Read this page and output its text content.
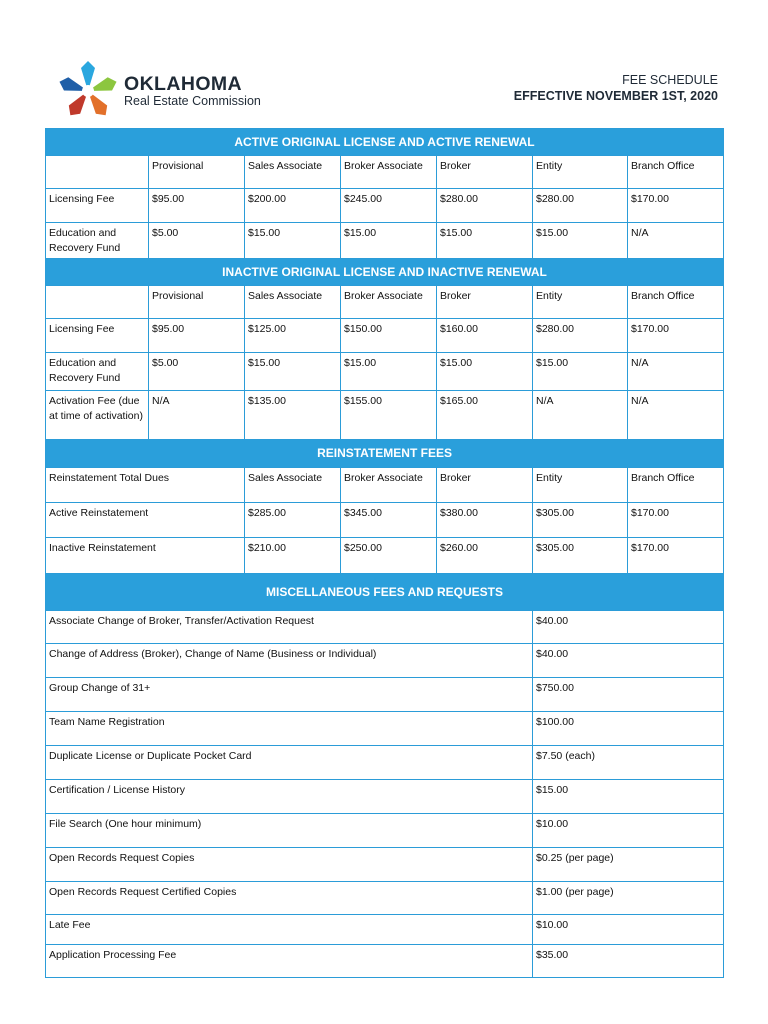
OKLAHOMA
Real Estate Commission
FEE SCHEDULE
EFFECTIVE NOVEMBER 1ST, 2020
ACTIVE ORIGINAL LICENSE AND ACTIVE RENEWAL						
	Provisional	Sales Associate	Broker Associate	Broker	Entity	Branch Office
Licensing Fee	$95.00	$200.00	$245.00	$280.00	$280.00	$170.00
Education and Recovery Fund	$5.00	$15.00	$15.00	$15.00	$15.00	N/A
INACTIVE ORIGINAL LICENSE AND INACTIVE RENEWAL						
	Provisional	Sales Associate	Broker Associate	Broker	Entity	Branch Office
Licensing Fee	$95.00	$125.00	$150.00	$160.00	$280.00	$170.00
Education and Recovery Fund	$5.00	$15.00	$15.00	$15.00	$15.00	N/A
Activation Fee (due at time of activation)	N/A	$135.00	$155.00	$165.00	N/A	N/A
REINSTATEMENT FEES						
Reinstatement Total Dues		Sales Associate	Broker Associate	Broker	Entity	Branch Office
Active Reinstatement		$285.00	$345.00	$380.00	$305.00	$170.00
Inactive Reinstatement		$210.00	$250.00	$260.00	$305.00	$170.00
MISCELLANEOUS FEES AND REQUESTS						
Associate Change of Broker, Transfer/Activation Request					$40.00	
Change of Address (Broker), Change of Name (Business or Individual)					$40.00	
Group Change of 31+					$750.00	
Team Name Registration					$100.00	
Duplicate License or Duplicate Pocket Card					$7.50 (each)	
Certification / License History					$15.00	
File Search (One hour minimum)					$10.00	
Open Records Request Copies					$0.25 (per page)	
Open Records Request Certified Copies					$1.00 (per page)	
Late Fee					$10.00	
Application Processing Fee					$35.00	
